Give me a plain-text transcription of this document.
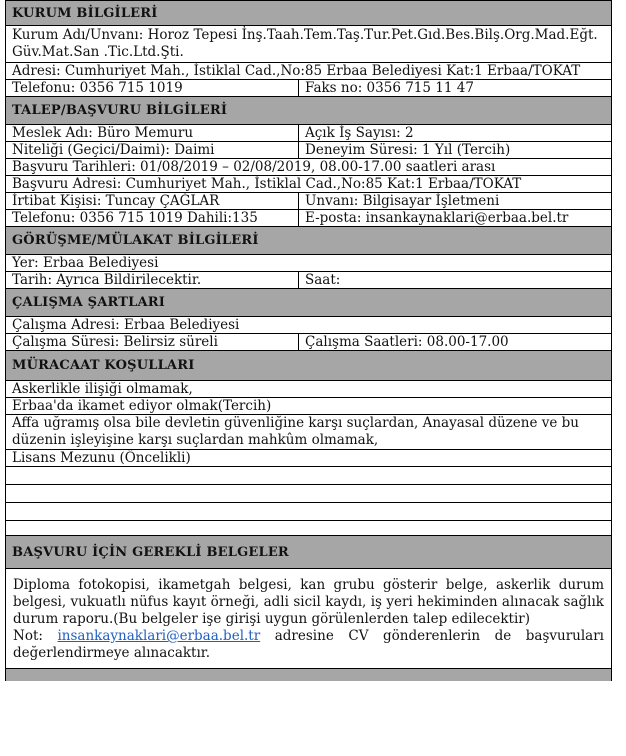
KURUM BİLGİLERİ
Kurum Adı/Unvanı: Horoz Tepesi İnş.Taah.Tem.Taş.Tur.Pet.Gıd.Bes.Bilş.Org.Mad.Eğt.
Güv.Mat.San .Tic.Ltd.Şti.
Adresi: Cumhuriyet Mah., İstiklal Cad.,No:85 Erbaa Belediyesi Kat:1 Erbaa/TOKAT
Telefonu: 0356 715 1019	Faks no: 0356 715 11 47
TALEP/BAŞVURU BİLGİLERİ
Meslek Adı: Büro Memuru	Açık İş Sayısı: 2
Niteliği (Geçici/Daimi): Daimi	Deneyim Süresi: 1 Yıl (Tercih)
Başvuru Tarihleri: 01/08/2019 – 02/08/2019, 08.00-17.00 saatleri arası
Başvuru Adresi: Cumhuriyet Mah., İstiklal Cad.,No:85 Kat:1 Erbaa/TOKAT
İrtibat Kişisi: Tuncay ÇAĞLAR	Unvanı: Bilgisayar İşletmeni
Telefonu: 0356 715 1019 Dahili:135	E-posta: insankaynaklari@erbaa.bel.tr
GÖRÜŞME/MÜLAKAT BİLGİLERİ
Yer: Erbaa Belediyesi
Tarih: Ayrıca Bildirilecektir.	Saat:
ÇALIŞMA ŞARTLARI
Çalışma Adresi: Erbaa Belediyesi
Çalışma Süresi: Belirsiz süreli	Çalışma Saatleri: 08.00-17.00
MÜRACAAT KOŞULLARI
Askerlikle ilişiği olmamak,
Erbaa'da ikamet ediyor olmak(Tercih)
Affa uğramış olsa bile devletin güvenliğine karşı suçlardan, Anayasal düzene ve bu düzenin işleyişine karşı suçlardan mahkûm olmamak,
Lisans Mezunu (Öncelikli)
BAŞVURU İÇİN GEREKLİ BELGELER
Diploma fotokopisi, ikametgah belgesi, kan grubu gösterir belge, askerlik durum belgesi, vukuatlı nüfus kayıt örneği, adli sicil kaydı, iş yeri hekiminden alınacak sağlık durum raporu.(Bu belgeler işe girişi uygun görülenlerden talep edilecektir)
Not: insankaynaklari@erbaa.bel.tr adresine CV gönderenlerin de başvuruları değerlendirmeye alınacaktır.
